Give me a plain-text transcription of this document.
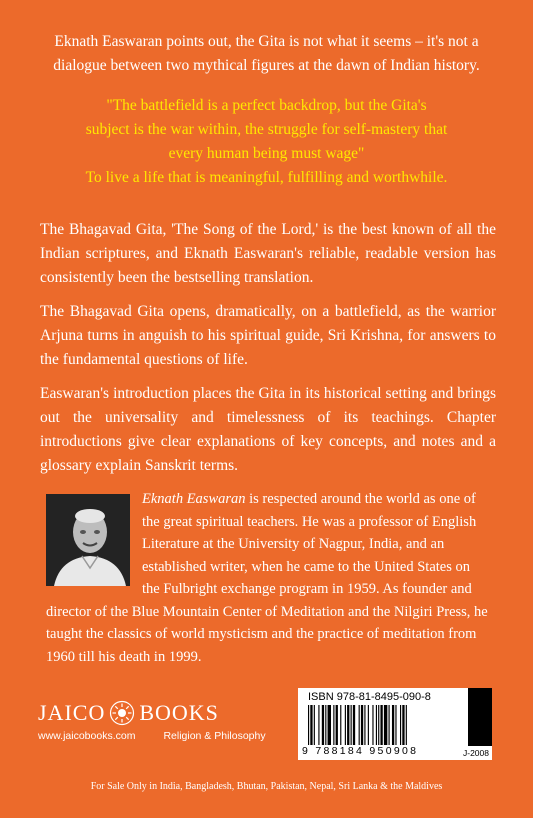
Eknath Easwaran points out, the Gita is not what it seems – it's not a
dialogue between two mythical figures at the dawn of Indian history.

"The battlefield is a perfect backdrop, but the Gita's

subject is the war within, the struggle for self-mastery that

every human being must wage"

To live a life that is meaningful, fulfilling and worthwhile.

The Bhagavad Gita, 'The Song of the Lord,' is the best known of all the Indian scriptures, and Eknath Easwaran's reliable, readable version has consistently been the bestselling translation.

The Bhagavad Gita opens, dramatically, on a battlefield, as the warrior Arjuna turns in anguish to his spiritual guide, Sri Krishna, for answers to the fundamental questions of life.

Easwaran's introduction places the Gita in its historical setting and brings out the universality and timelessness of its teachings. Chapter introductions give clear explanations of key concepts, and notes and a glossary explain Sanskrit terms.

Eknath Easwaran is respected around the world as one of the great spiritual teachers. He was a professor of English Literature at the University of Nagpur, India, and an established writer, when he came to the United States on the Fulbright exchange program in 1959. As founder and director of the Blue Mountain Center of Meditation and the Nilgiri Press, he taught the classics of world mysticism and the practice of meditation from 1960 till his death in 1999.

JAICO BOOKS
www.jaicobooks.com	Religion & Philosophy
ISBN 978-81-8495-090-8
9 788184 950908	J-2008
For Sale Only in India, Bangladesh, Bhutan, Pakistan, Nepal, Sri Lanka & the Maldives
